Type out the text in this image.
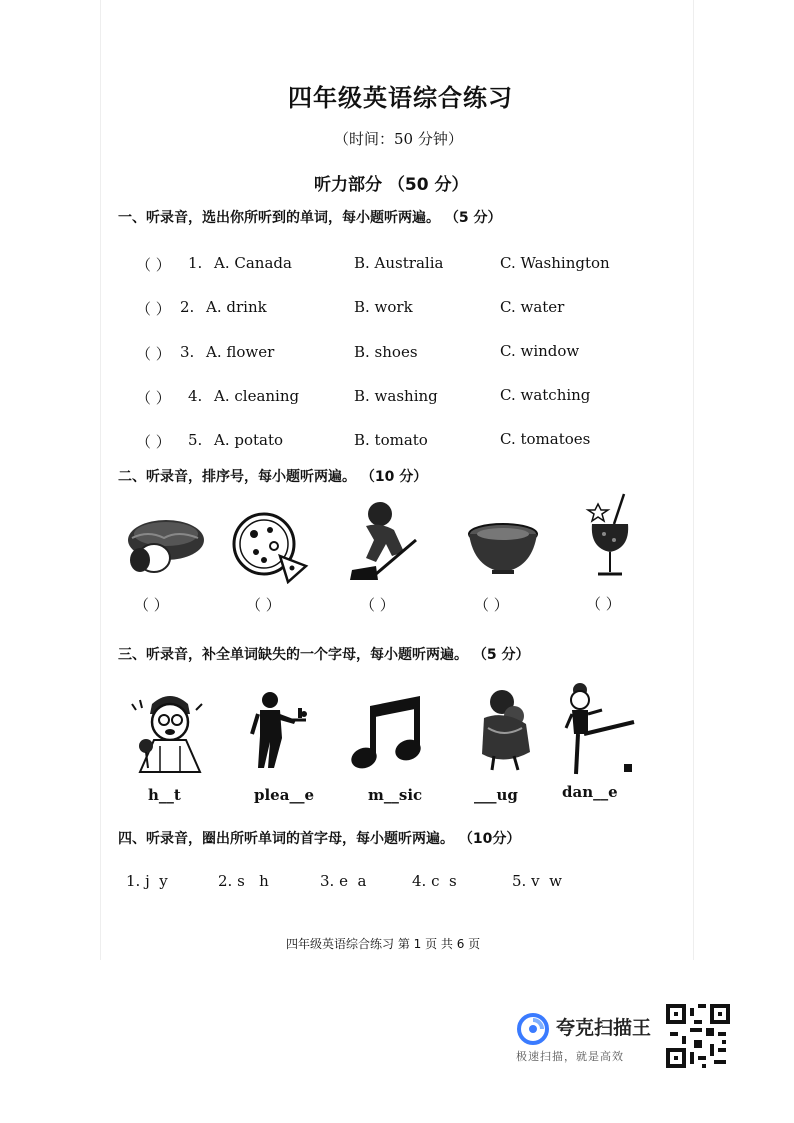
四年级英语综合练习
（时间：50 分钟）
听力部分 （50 分）
一、听录音，选出你所听到的单词，每小题听两遍。 （5 分）
（ ） 1. A. Canada	B. Australia	C. Washington
（ ） 2. A. drink	B. work	C. water
（ ） 3. A. flower	B. shoes	C. window
（ ） 4. A. cleaning	B. washing	C. watching
（ ） 5. A. potato	B. tomato	C. tomatoes
二、听录音，排序号，每小题听两遍。 （10 分）
（ ）	（ ）	（ ）	（ ）	（ ）
三、听录音，补全单词缺失的一个字母，每小题听两遍。 （5 分）
h__t	plea__e	m__sic	___ug	dan__e
四、听录音，圈出所听单词的首字母，每小题听两遍。 （10分）
1. j  y	2. s   h	3. e  a	4. c  s	5. v  w
四年级英语综合练习 第 1 页 共 6 页
夸克扫描王
极速扫描，就是高效
